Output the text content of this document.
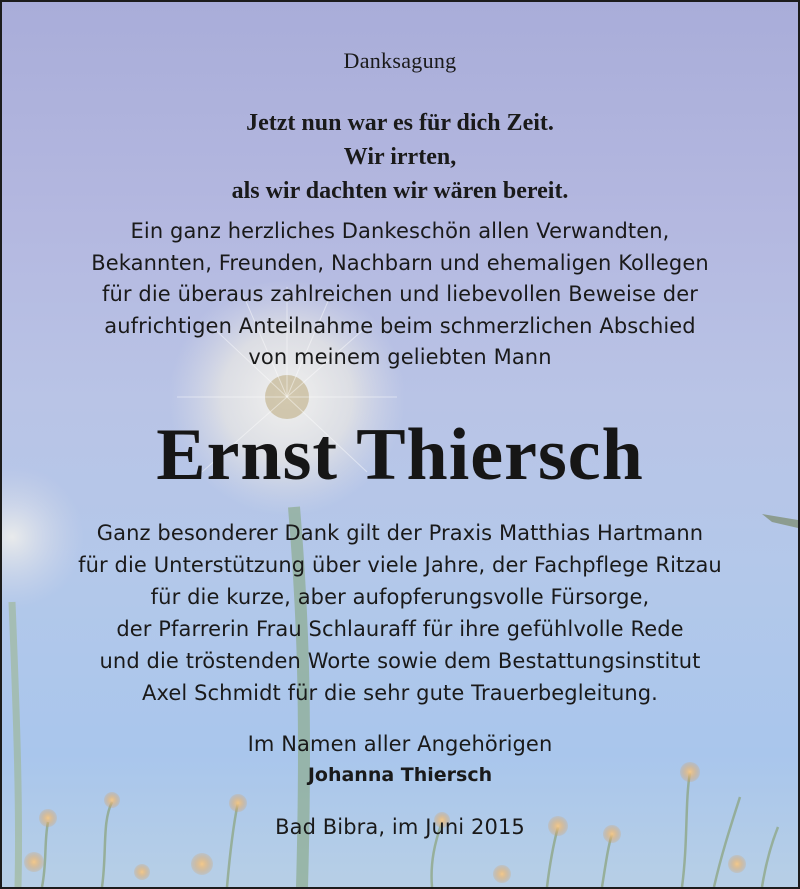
Danksagung
Jetzt nun war es für dich Zeit.
Wir irrten,
als wir dachten wir wären bereit.
Ein ganz herzliches Dankeschön allen Verwandten,
Bekannten, Freunden, Nachbarn und ehemaligen Kollegen
für die überaus zahlreichen und liebevollen Beweise der
aufrichtigen Anteilnahme beim schmerzlichen Abschied
von meinem geliebten Mann
Ernst Thiersch
Ganz besonderer Dank gilt der Praxis Matthias Hartmann
für die Unterstützung über viele Jahre, der Fachpflege Ritzau
für die kurze, aber aufopferungsvolle Fürsorge,
der Pfarrerin Frau Schlauraff für ihre gefühlvolle Rede
und die tröstenden Worte sowie dem Bestattungsinstitut
Axel Schmidt für die sehr gute Trauerbegleitung.
Im Namen aller Angehörigen
Johanna Thiersch
Bad Bibra, im Juni 2015
